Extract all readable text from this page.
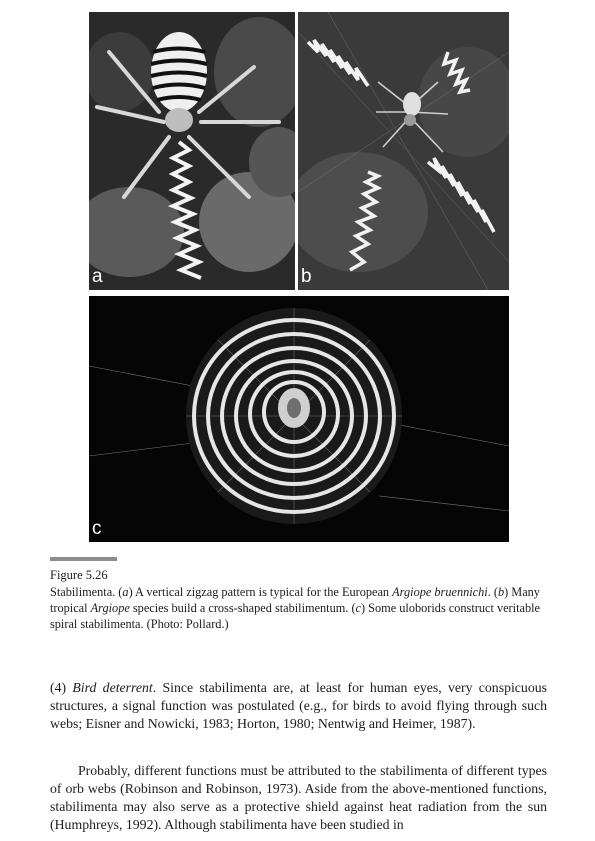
a	b
c
Figure 5.26
Stabilimenta. (a) A vertical zigzag pattern is typical for the European Argiope bruennichi. (b) Many tropical Argiope species build a cross-shaped stabilimentum. (c) Some uloborids construct veritable spiral stabilimenta. (Photo: Pollard.)

(4) Bird deterrent. Since stabilimenta are, at least for human eyes, very conspicuous structures, a signal function was postulated (e.g., for birds to avoid flying through such webs; Eisner and Nowicki, 1983; Horton, 1980; Nentwig and Heimer, 1987).

Probably, different functions must be attributed to the stabilimenta of different types of orb webs (Robinson and Robinson, 1973). Aside from the above-mentioned functions, stabilimenta may also serve as a protective shield against heat radiation from the sun (Humphreys, 1992). Although stabilimenta have been studied in
